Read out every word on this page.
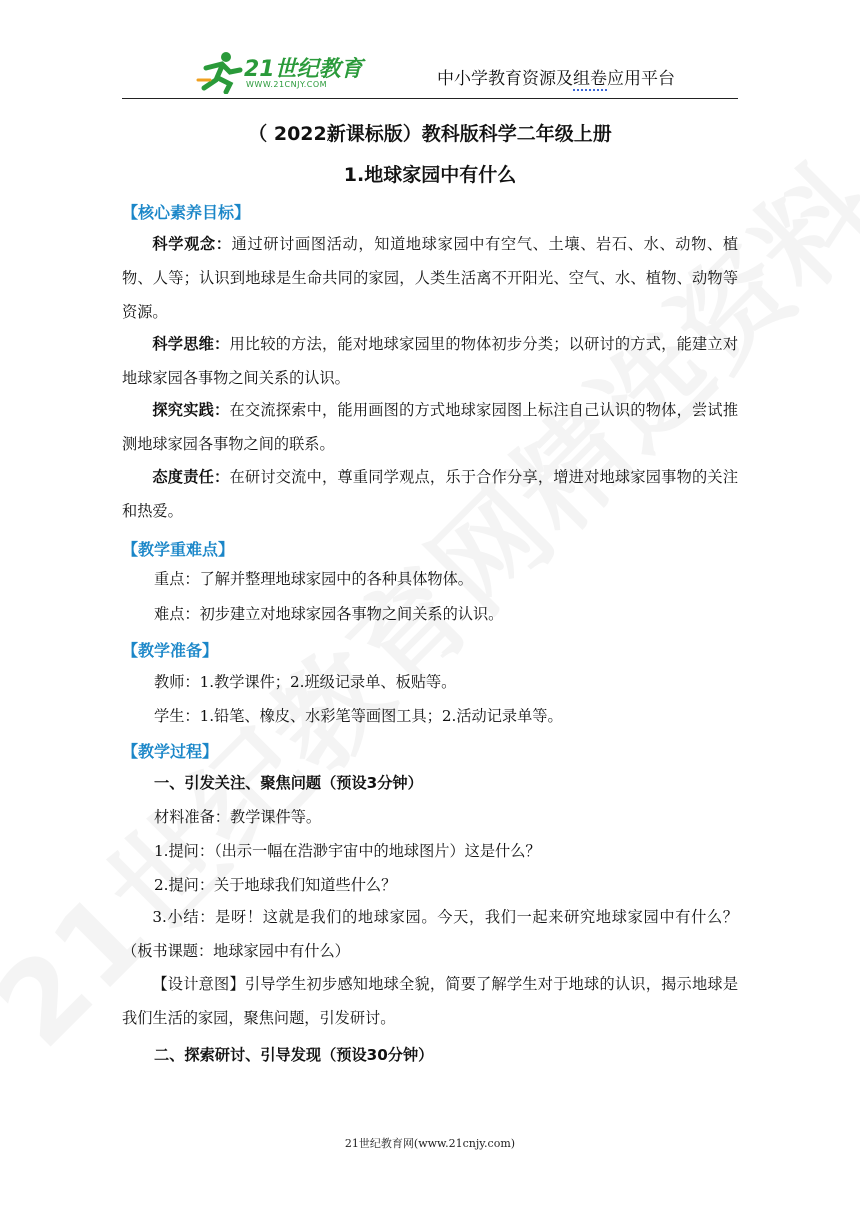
21世纪教育
WWW.21CNJY.COM	中小学教育资源及组卷应用平台
（ 2022新课标版）教科版科学二年级上册
1.地球家园中有什么
【核心素养目标】
科学观念：通过研讨画图活动，知道地球家园中有空气、土壤、岩石、水、动物、植物、人等；认识到地球是生命共同的家园，人类生活离不开阳光、空气、水、植物、动物等资源。
科学思维：用比较的方法，能对地球家园里的物体初步分类；以研讨的方式，能建立对地球家园各事物之间关系的认识。
探究实践：在交流探索中，能用画图的方式地球家园图上标注自己认识的物体，尝试推测地球家园各事物之间的联系。
态度责任：在研讨交流中，尊重同学观点，乐于合作分享，增进对地球家园事物的关注和热爱。
【教学重难点】
重点：了解并整理地球家园中的各种具体物体。
难点：初步建立对地球家园各事物之间关系的认识。
【教学准备】
教师：1.教学课件；2.班级记录单、板贴等。
学生：1.铅笔、橡皮、水彩笔等画图工具；2.活动记录单等。
【教学过程】
一、引发关注、聚焦问题（预设3分钟）
材料准备：教学课件等。
1.提问：（出示一幅在浩渺宇宙中的地球图片）这是什么？
2.提问：关于地球我们知道些什么？
3.小结：是呀！这就是我们的地球家园。今天，我们一起来研究地球家园中有什么？（板书课题：地球家园中有什么）
【设计意图】引导学生初步感知地球全貌，简要了解学生对于地球的认识，揭示地球是我们生活的家园，聚焦问题，引发研讨。
二、探索研讨、引导发现（预设30分钟）
21世纪教育网(www.21cnjy.com)
